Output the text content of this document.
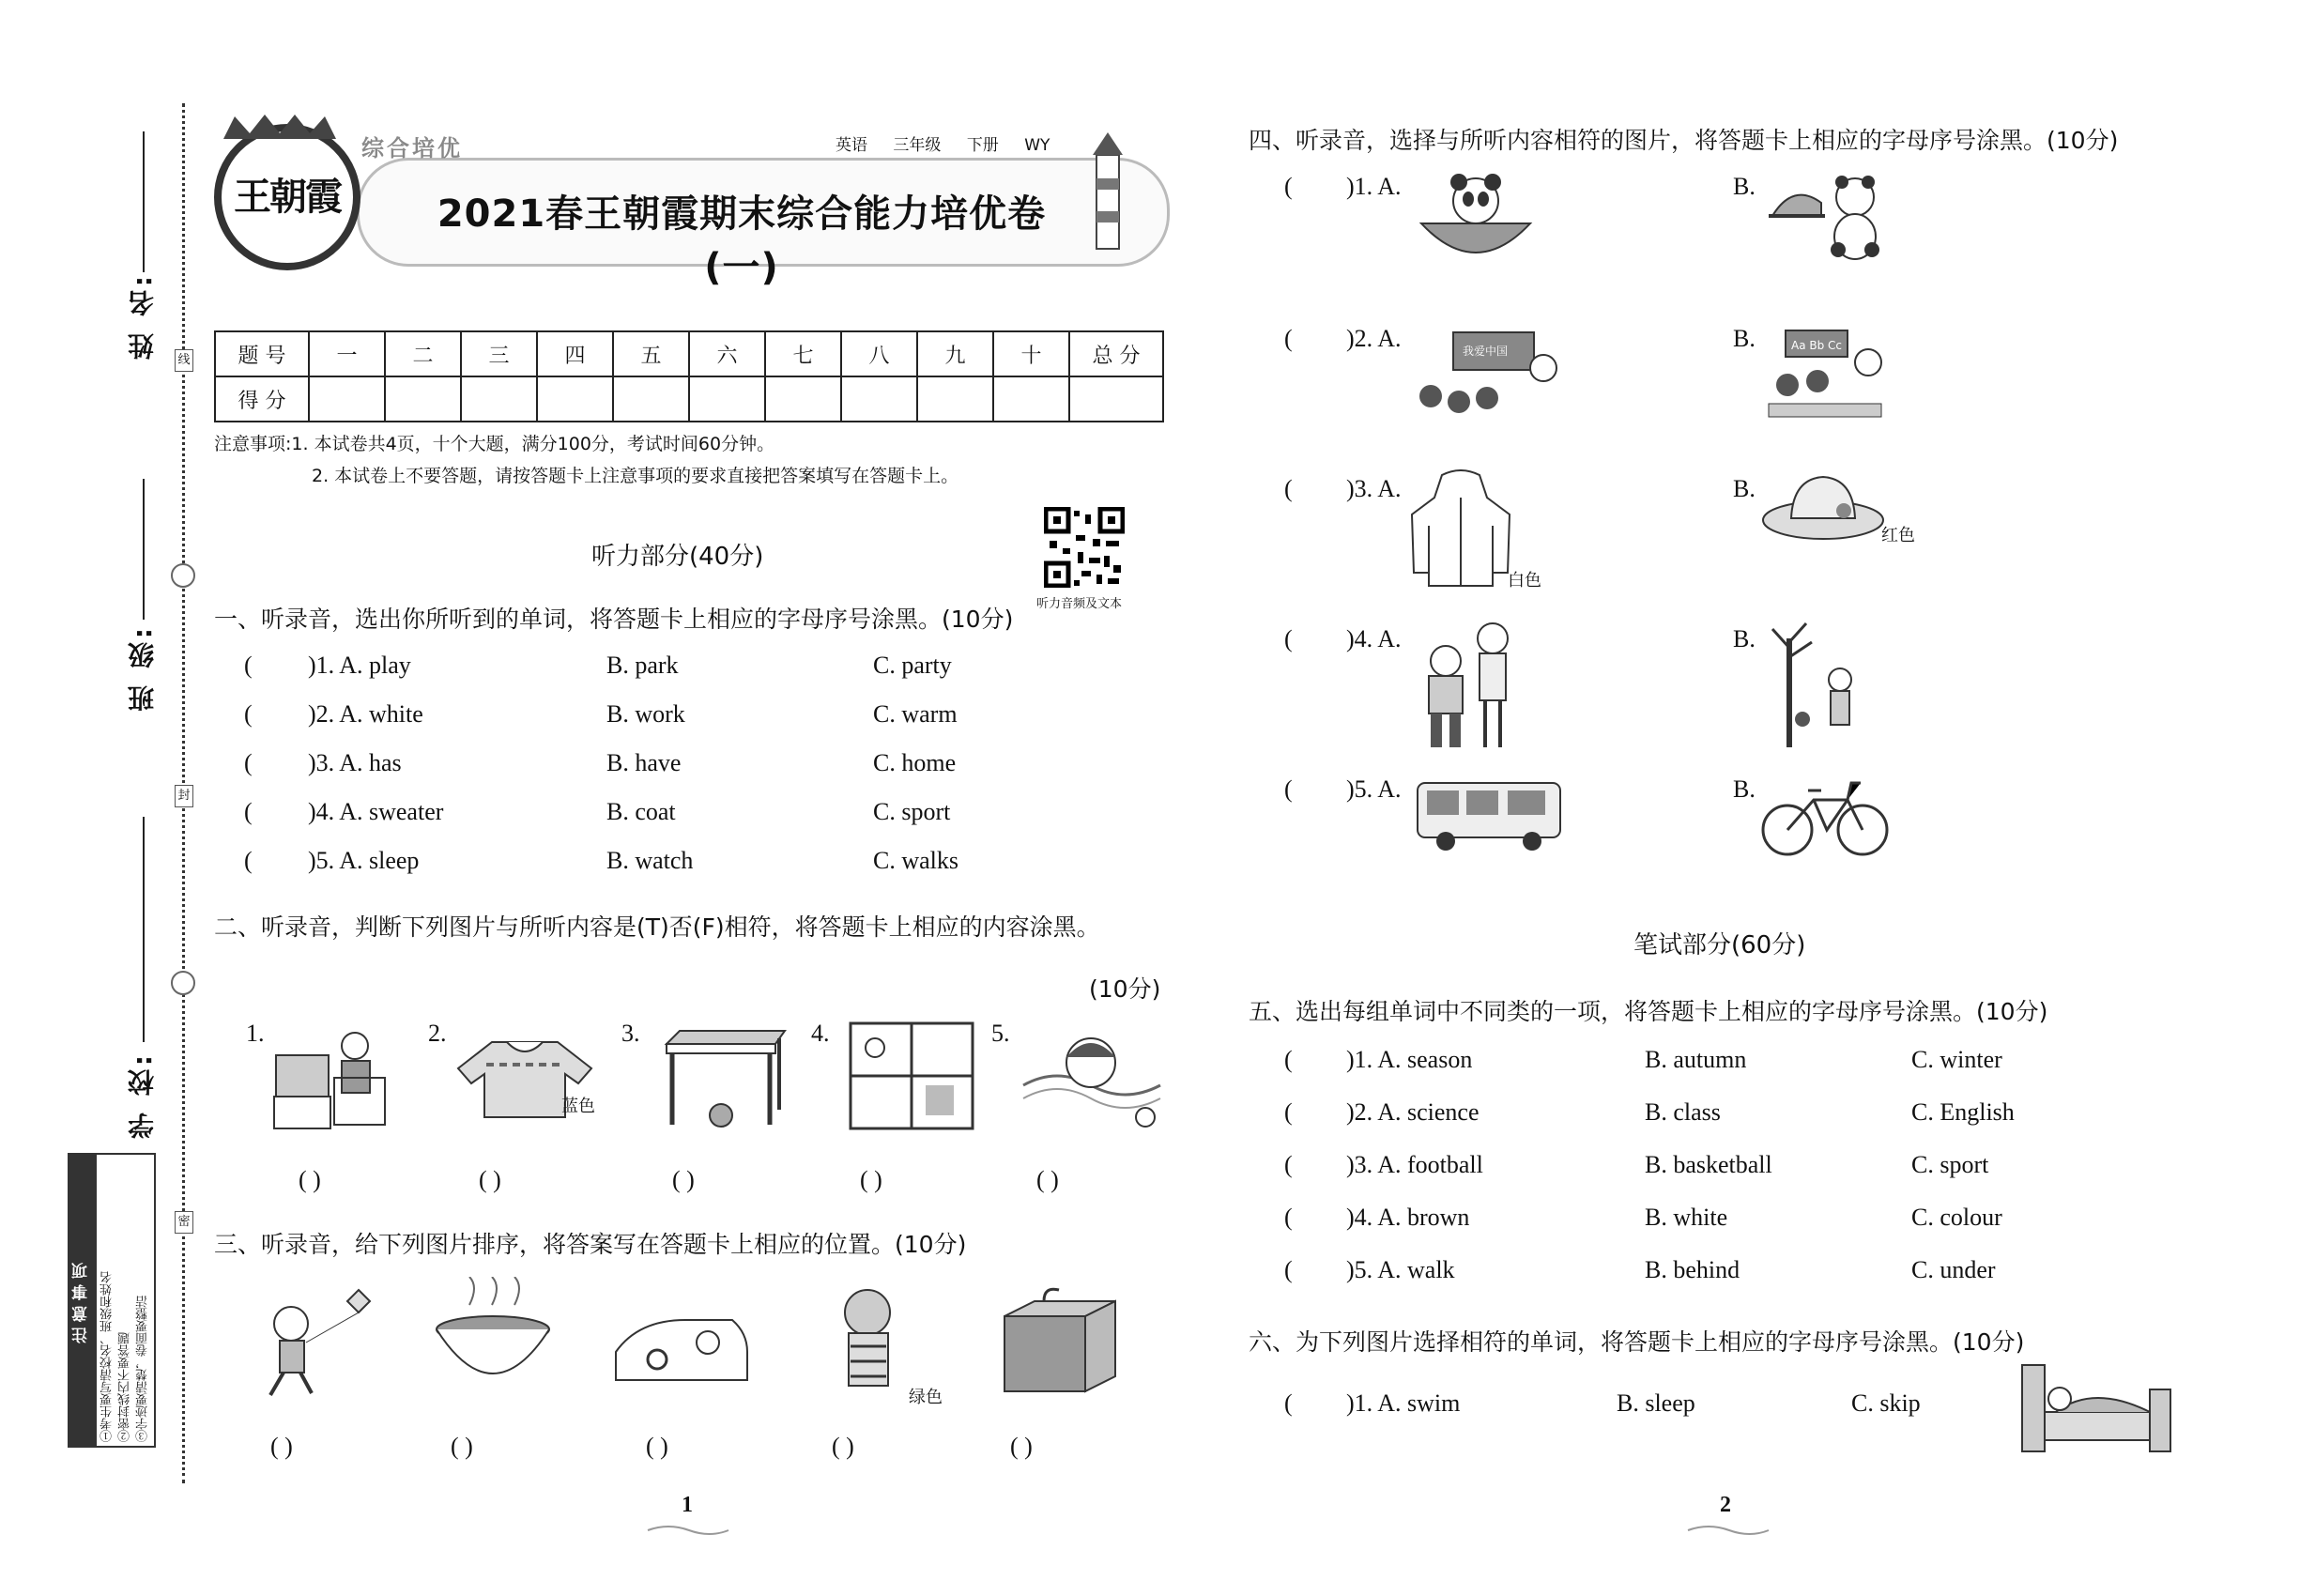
线
封
密
姓 名:
班 级:
学 校:
注意事项 ①考生要写清校名、班级和姓名 ②密封线内不要答题 ③字迹要清楚，卷面要整洁
王朝霞
综合培优	英语 三年级 下册 WY
2021春王朝霞期末综合能力培优卷(一)
题 号	一	二	三	四	五	六	七	八	九	十	总 分
得 分											
注意事项:1. 本试卷共4页，十个大题，满分100分，考试时间60分钟。
2. 本试卷上不要答题，请按答题卡上注意事项的要求直接把答案填写在答题卡上。
听力部分(40分)
听力音频及文本
一、听录音，选出你所听到的单词，将答题卡上相应的字母序号涂黑。(10分)
( )1. A. play	B. park	C. party
( )2. A. white	B. work	C. warm
( )3. A. has	B. have	C. home
( )4. A. sweater	B. coat	C. sport
( )5. A. sleep	B. watch	C. walks
二、听录音，判断下列图片与所听内容是(T)否(F)相符，将答题卡上相应的内容涂黑。
(10分)
1.
( )
2.
蓝色
( )
3.
( )
4.
( )
5.
( )
三、听录音，给下列图片排序，将答案写在答题卡上相应的位置。(10分)
( )	( )	( )
绿色
( )	( )
1
四、听录音，选择与所听内容相符的图片，将答题卡上相应的字母序号涂黑。(10分)
( )1. A.	B.
( )2. A.	我爱中国	B.	Aa Bb Cc
( )3. A.
白色
B.
红色
( )4. A.	B.
( )5. A.	B.
笔试部分(60分)
五、选出每组单词中不同类的一项，将答题卡上相应的字母序号涂黑。(10分)
( )1. A. season	B. autumn	C. winter
( )2. A. science	B. class	C. English
( )3. A. football	B. basketball	C. sport
( )4. A. brown	B. white	C. colour
( )5. A. walk	B. behind	C. under
六、为下列图片选择相符的单词，将答题卡上相应的字母序号涂黑。(10分)
( )1. A. swim	B. sleep	C. skip
2
